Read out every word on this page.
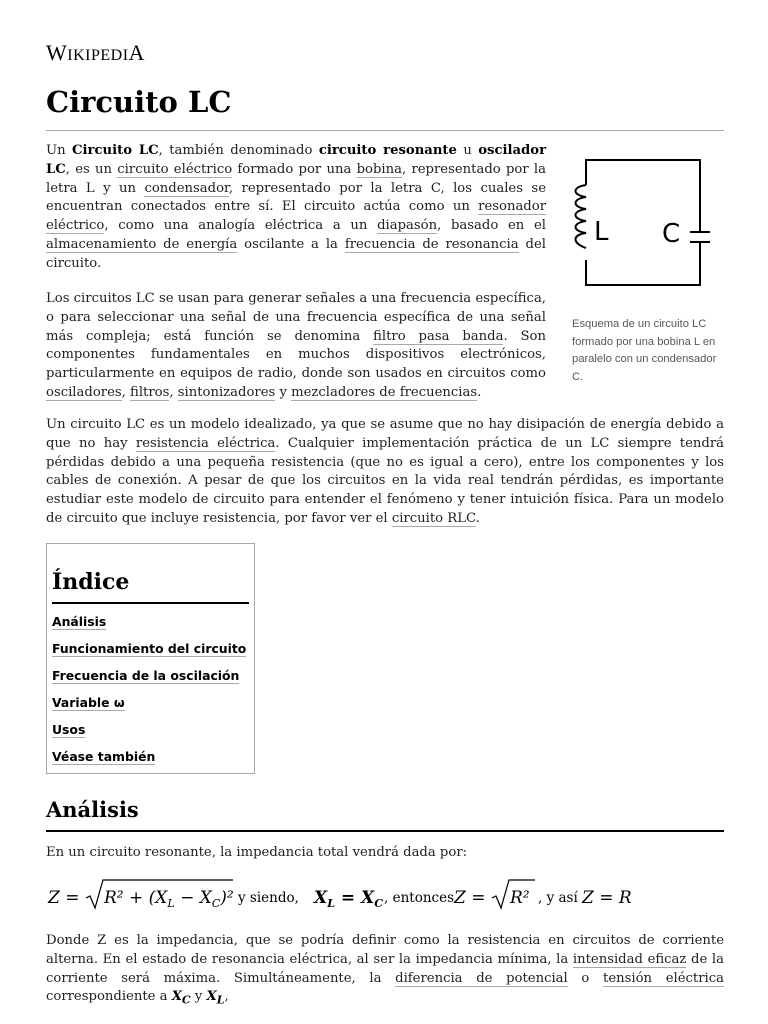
WIKIPEDIA
Circuito LC

Un Circuito LC, también denominado circuito resonante u oscilador LC, es un circuito eléctrico formado por una bobina, representado por la letra L y un condensador, representado por la letra C, los cuales se encuentran conectados entre sí. El circuito actúa como un resonador eléctrico, como una analogía eléctrica a un diapasón, basado en el almacenamiento de energía oscilante a la frecuencia de resonancia del circuito.

L C
Esquema de un circuito LC formado por una bobina L en paralelo con un condensador C.

Los circuitos LC se usan para generar señales a una frecuencia específica, o para seleccionar una señal de una frecuencia específica de una señal más compleja; está función se denomina filtro pasa banda. Son componentes fundamentales en muchos dispositivos electrónicos, particularmente en equipos de radio, donde son usados en circuitos como osciladores, filtros, sintonizadores y mezcladores de frecuencias.

Un circuito LC es un modelo idealizado, ya que se asume que no hay disipación de energía debido a que no hay resistencia eléctrica. Cualquier implementación práctica de un LC siempre tendrá pérdidas debido a una pequeña resistencia (que no es igual a cero), entre los componentes y los cables de conexión. A pesar de que los circuitos en la vida real tendrán pérdidas, es importante estudiar este modelo de circuito para entender el fenómeno y tener intuición física. Para un modelo de circuito que incluye resistencia, por favor ver el circuito RLC.

Índice
Análisis
Funcionamiento del circuito
Frecuencia de la oscilación
Variable ω
Usos
Véase también
Análisis

En un circuito resonante, la impedancia total vendrá dada por:

$Z = R^2 + (X_L - X_C)^2$ y siendo, $X_L = X_C$ , entonces Z = R² , y así Z = R

Donde Z es la impedancia, que se podría definir como la resistencia en circuitos de corriente alterna. En el estado de resonancia eléctrica, al ser la impedancia mínima, la intensidad eficaz de la corriente será máxima. Simultáneamente, la diferencia de potencial o tensión eléctrica correspondiente a $X_C$ y $X_L$,
